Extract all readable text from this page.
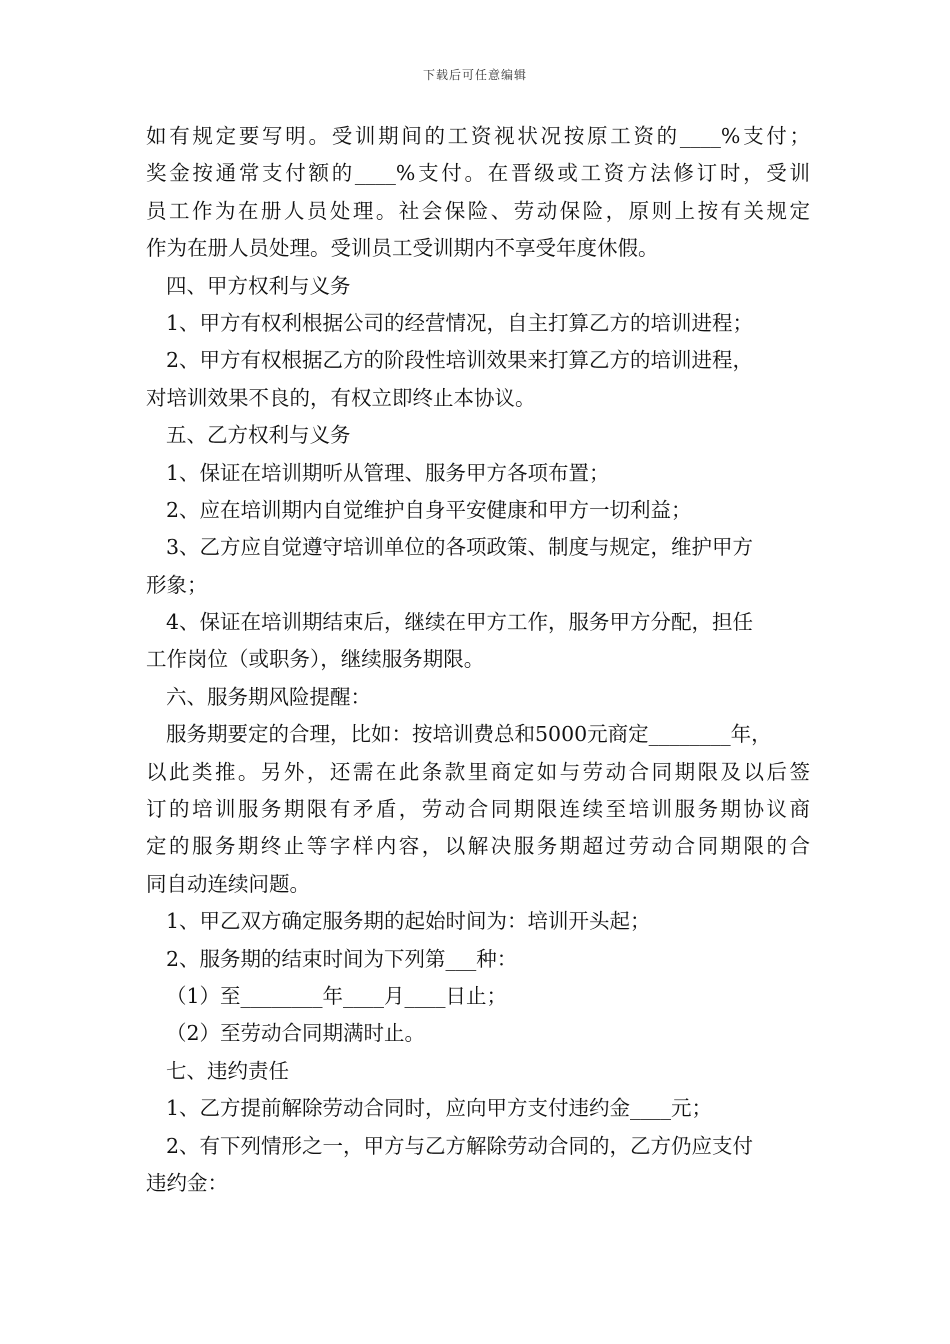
下载后可任意编辑
如有规定要写明。受训期间的工资视状况按原工资的____%支付；
奖金按通常支付额的____%支付。在晋级或工资方法修订时，受训
员工作为在册人员处理。社会保险、劳动保险，原则上按有关规定
作为在册人员处理。受训员工受训期内不享受年度休假。
四、甲方权利与义务
1、甲方有权利根据公司的经营情况，自主打算乙方的培训进程；
2、甲方有权根据乙方的阶段性培训效果来打算乙方的培训进程，
对培训效果不良的，有权立即终止本协议。
五、乙方权利与义务
1、保证在培训期听从管理、服务甲方各项布置；
2、应在培训期内自觉维护自身平安健康和甲方一切利益；
3、乙方应自觉遵守培训单位的各项政策、制度与规定，维护甲方
形象；
4、保证在培训期结束后，继续在甲方工作，服务甲方分配，担任
工作岗位（或职务），继续服务期限。
六、服务期风险提醒：
服务期要定的合理，比如：按培训费总和5000元商定________年，
以此类推。另外，还需在此条款里商定如与劳动合同期限及以后签
订的培训服务期限有矛盾，劳动合同期限连续至培训服务期协议商
定的服务期终止等字样内容，以解决服务期超过劳动合同期限的合
同自动连续问题。
1、甲乙双方确定服务期的起始时间为：培训开头起；
2、服务期的结束时间为下列第___种：
（1）至________年____月____日止；
（2）至劳动合同期满时止。
七、违约责任
1、乙方提前解除劳动合同时，应向甲方支付违约金____元；
2、有下列情形之一，甲方与乙方解除劳动合同的，乙方仍应支付
违约金：
